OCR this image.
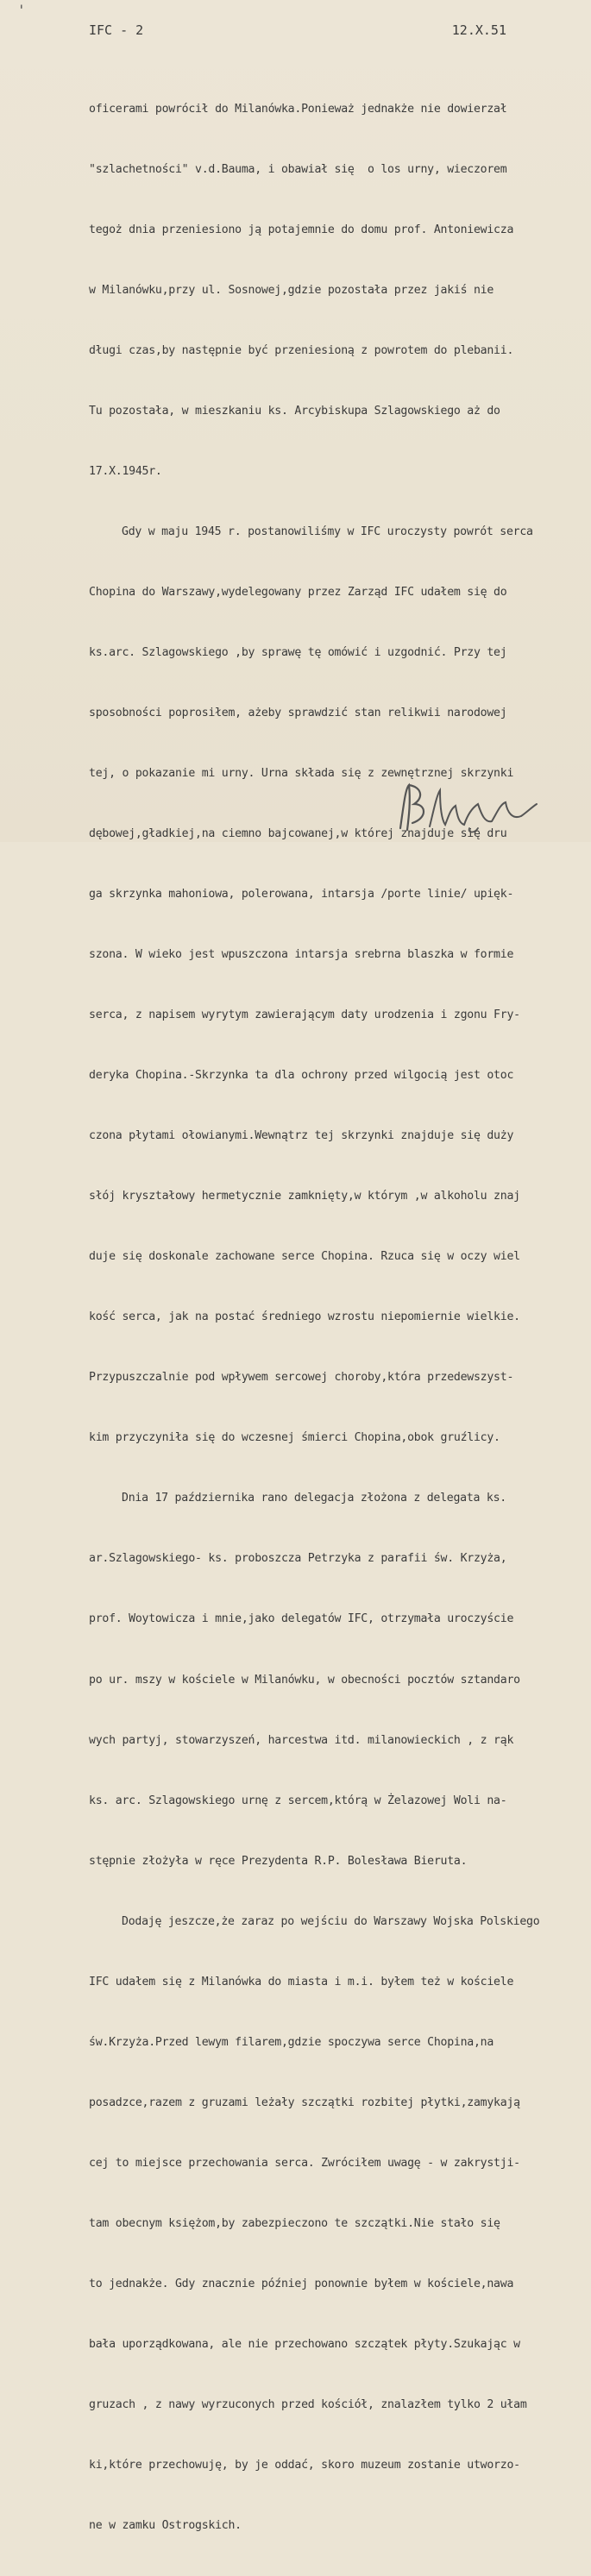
'
IFC - 2	12.X.51

oficerami powrócił do Milanówka.Ponieważ jednakże nie dowierzał

"szlachetności" v.d.Bauma, i obawiał się  o los urny, wieczorem

tegoż dnia przeniesiono ją potajemnie do domu prof. Antoniewicza

w Milanówku,przy ul. Sosnowej,gdzie pozostała przez jakiś nie

długi czas,by następnie być przeniesioną z powrotem do plebanii.

Tu pozostała, w mieszkaniu ks. Arcybiskupa Szlagowskiego aż do

17.X.1945r.

Gdy w maju 1945 r. postanowiliśmy w IFC uroczysty powrót serca

Chopina do Warszawy,wydelegowany przez Zarząd IFC udałem się do

ks.arc. Szlagowskiego ,by sprawę tę omówić i uzgodnić. Przy tej

sposobności poprosiłem, ażeby sprawdzić stan relikwii narodowej

tej, o pokazanie mi urny. Urna składa się z zewnętrznej skrzynki

dębowej,gładkiej,na ciemno bajcowanej,w której znajduje się dru

ga skrzynka mahoniowa, polerowana, intarsja /porte linie/ upięk-

szona. W wieko jest wpuszczona intarsja srebrna blaszka w formie

serca, z napisem wyrytym zawierającym daty urodzenia i zgonu Fry-

deryka Chopina.-Skrzynka ta dla ochrony przed wilgocią jest otoc

czona płytami ołowianymi.Wewnątrz tej skrzynki znajduje się duży

słój kryształowy hermetycznie zamknięty,w którym ,w alkoholu znaj

duje się doskonale zachowane serce Chopina. Rzuca się w oczy wiel

kość serca, jak na postać średniego wzrostu niepomiernie wielkie.

Przypuszczalnie pod wpływem sercowej choroby,która przedewszyst-

kim przyczyniła się do wczesnej śmierci Chopina,obok gruźlicy.

Dnia 17 października rano delegacja złożona z delegata ks.

ar.Szlagowskiego- ks. proboszcza Petrzyka z parafii św. Krzyża,

prof. Woytowicza i mnie,jako delegatów IFC, otrzymała uroczyście

po ur. mszy w kościele w Milanówku, w obecności pocztów sztandaro

wych partyj, stowarzyszeń, harcestwa itd. milanowieckich , z rąk

ks. arc. Szlagowskiego urnę z sercem,którą w Żelazowej Woli na-

stępnie złożyła w ręce Prezydenta R.P. Bolesława Bieruta.

Dodaję jeszcze,że zaraz po wejściu do Warszawy Wojska Polskiego

IFC udałem się z Milanówka do miasta i m.i. byłem też w kościele

św.Krzyża.Przed lewym filarem,gdzie spoczywa serce Chopina,na

posadzce,razem z gruzami leżały szczątki rozbitej płytki,zamykają

cej to miejsce przechowania serca. Zwróciłem uwagę - w zakrystji-

tam obecnym księżom,by zabezpieczono te szczątki.Nie stało się

to jednakże. Gdy znacznie później ponownie byłem w kościele,nawa

bała uporządkowana, ale nie przechowano szczątek płyty.Szukając w

gruzach , z nawy wyrzuconych przed kościół, znalazłem tylko 2 ułam

ki,które przechowuję, by je oddać, skoro muzeum zostanie utworzo-

ne w zamku Ostrogskich.
